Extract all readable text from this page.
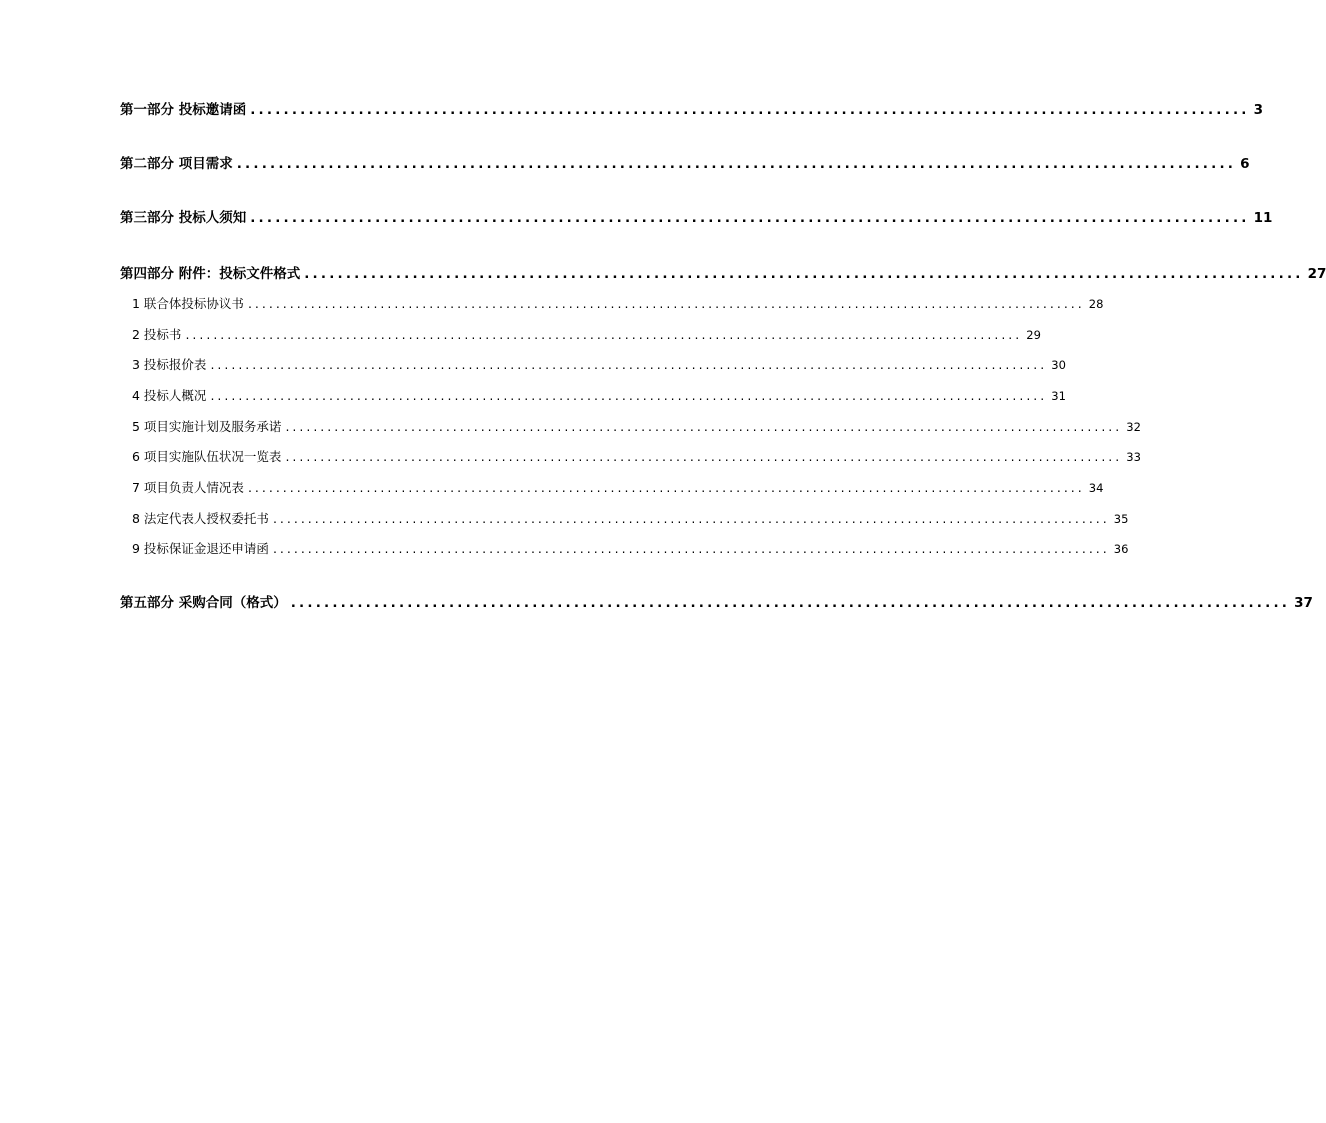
第一部分 投标邀请函 ........................................................................................................................ 3
第二部分 项目需求 ........................................................................................................................ 6
第三部分 投标人须知 ........................................................................................................................ 11
第四部分 附件：投标文件格式 ........................................................................................................................ 27
1 联合体投标协议书 ........................................................................................................................ 28
2 投标书 ........................................................................................................................ 29
3 投标报价表 ........................................................................................................................ 30
4 投标人概况 ........................................................................................................................ 31
5 项目实施计划及服务承诺 ........................................................................................................................ 32
6 项目实施队伍状况一览表 ........................................................................................................................ 33
7 项目负责人情况表 ........................................................................................................................ 34
8 法定代表人授权委托书 ........................................................................................................................ 35
9 投标保证金退还申请函 ........................................................................................................................ 36
第五部分 采购合同（格式） ........................................................................................................................ 37
